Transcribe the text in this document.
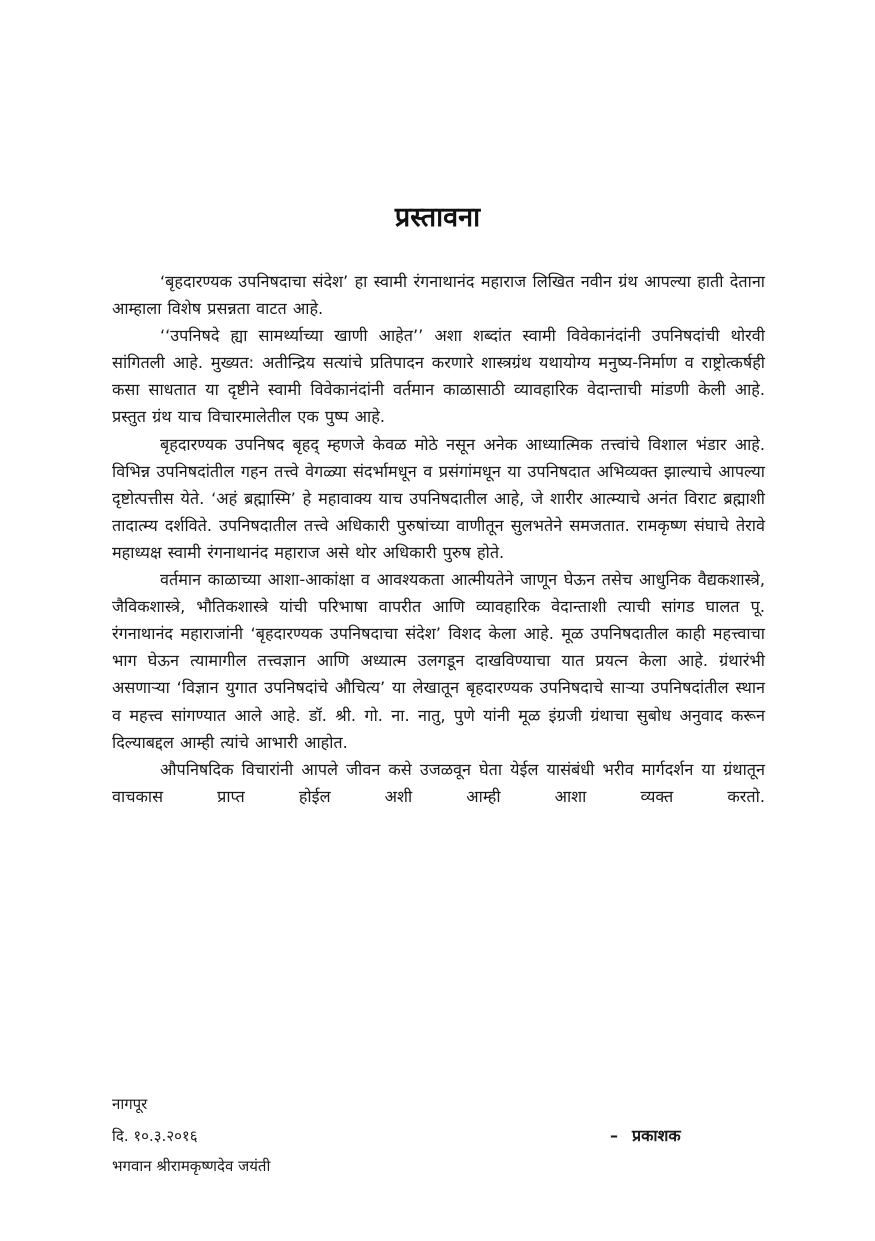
प्रस्तावना

‘बृहदारण्यक उपनिषदाचा संदेश’ हा स्वामी रंगनाथानंद महाराज लिखित नवीन ग्रंथ आपल्या हाती देताना आम्हाला विशेष प्रसन्नता वाटत आहे.

‘‘उपनिषदे ह्या सामर्थ्याच्या खाणी आहेत’’ अशा शब्दांत स्वामी विवेकानंदांनी उपनिषदांची थोरवी सांगितली आहे. मुख्यत: अतीन्द्रिय सत्यांचे प्रतिपादन करणारे शास्त्रग्रंथ यथायोग्य मनुष्य-निर्माण व राष्ट्रोत्कर्षही कसा साधतात या दृष्टीने स्वामी विवेकानंदांनी वर्तमान काळासाठी व्यावहारिक वेदान्ताची मांडणी केली आहे. प्रस्तुत ग्रंथ याच विचारमालेतील एक पुष्प आहे.

बृहदारण्यक उपनिषद बृहद् म्हणजे केवळ मोठे नसून अनेक आध्यात्मिक तत्त्वांचे विशाल भंडार आहे. विभिन्न उपनिषदांतील गहन तत्त्वे वेगळ्या संदर्भामधून व प्रसंगांमधून या उपनिषदात अभिव्यक्त झाल्याचे आपल्या दृष्टोत्पत्तीस येते. ‘अहं ब्रह्मास्मि’ हे महावाक्य याच उपनिषदातील आहे, जे शारीर आत्म्याचे अनंत विराट ब्रह्माशी तादात्म्य दर्शविते. उपनिषदातील तत्त्वे अधिकारी पुरुषांच्या वाणीतून सुलभतेने समजतात. रामकृष्ण संघाचे तेरावे महाध्यक्ष स्वामी रंगनाथानंद महाराज असे थोर अधिकारी पुरुष होते.

वर्तमान काळाच्या आशा-आकांक्षा व आवश्यकता आत्मीयतेने जाणून घेऊन तसेच आधुनिक वैद्यकशास्त्रे, जैविकशास्त्रे, भौतिकशास्त्रे यांची परिभाषा वापरीत आणि व्यावहारिक वेदान्ताशी त्याची सांगड घालत पू. रंगनाथानंद महाराजांनी ‘बृहदारण्यक उपनिषदाचा संदेश’ विशद केला आहे. मूळ उपनिषदातील काही महत्त्वाचा भाग घेऊन त्यामागील तत्त्वज्ञान आणि अध्यात्म उलगडून दाखविण्याचा यात प्रयत्न केला आहे. ग्रंथारंभी असणाऱ्या ‘विज्ञान युगात उपनिषदांचे औचित्य’ या लेखातून बृहदारण्यक उपनिषदाचे साऱ्या उपनिषदांतील स्थान व महत्त्व सांगण्यात आले आहे. डॉ. श्री. गो. ना. नातु, पुणे यांनी मूळ इंग्रजी ग्रंथाचा सुबोध अनुवाद करून दिल्याबद्दल आम्ही त्यांचे आभारी आहोत.

औपनिषदिक विचारांनी आपले जीवन कसे उजळवून घेता येईल यासंबंधी भरीव मार्गदर्शन या ग्रंथातून वाचकास प्राप्त होईल अशी आम्ही आशा व्यक्त करतो.

नागपूर
दि. १०.३.२०१६
भगवान श्रीरामकृष्णदेव जयंती
– प्रकाशक
